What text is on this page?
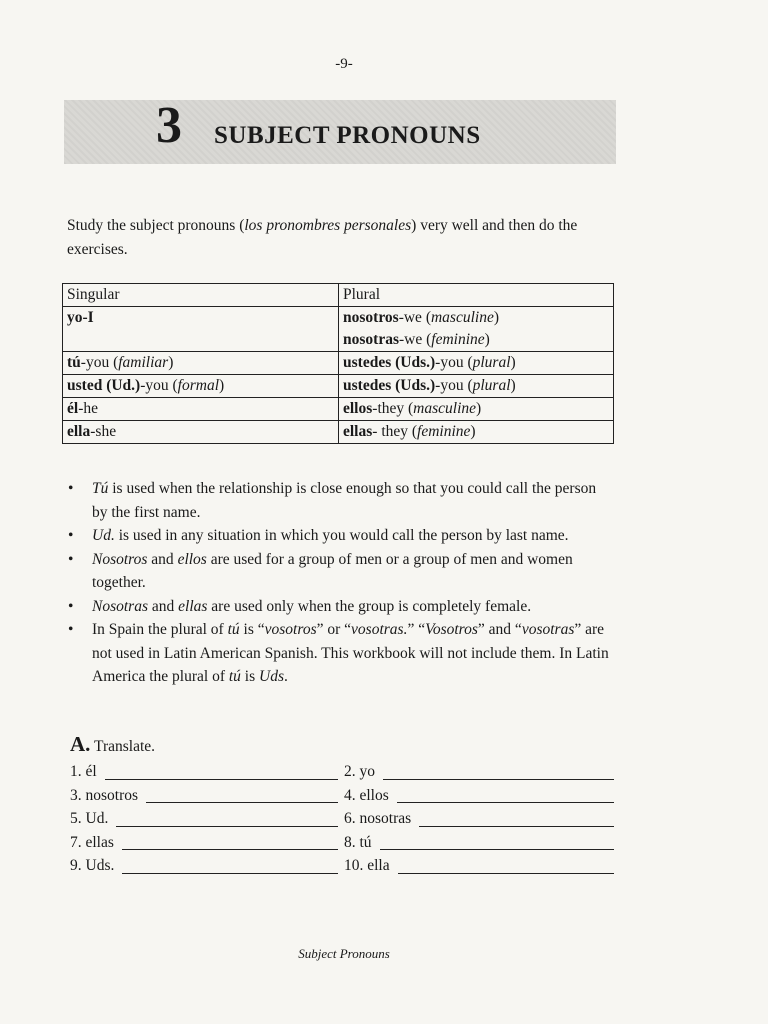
-9-
3 SUBJECT PRONOUNS

Study the subject pronouns (los pronombres personales) very well and then do the exercises.

Singular	Plural
yo-I	nosotros-we (masculine)
nosotras-we (feminine)

tú-you (familiar)	ustedes (Uds.)-you (plural)

usted (Ud.)-you (formal)	ustedes (Uds.)-you (plural)

él-he	ellos-they (masculine)

ella-she	ellas- they (feminine)
• Tú is used when the relationship is close enough so that you could call the person by the first name.
• Ud. is used in any situation in which you would call the person by last name.
• Nosotros and ellos are used for a group of men or a group of men and women together.
• Nosotras and ellas are used only when the group is completely female.
• In Spain the plural of tú is “vosotros” or “vosotras.” “Vosotros” and “vosotras” are not used in Latin American Spanish. This workbook will not include them. In Latin America the plural of tú is Uds.
A. Translate.
1. él	2. yo
3. nosotros	4. ellos
5. Ud.	6. nosotras
7. ellas	8. tú
9. Uds.	10. ella
Subject Pronouns
